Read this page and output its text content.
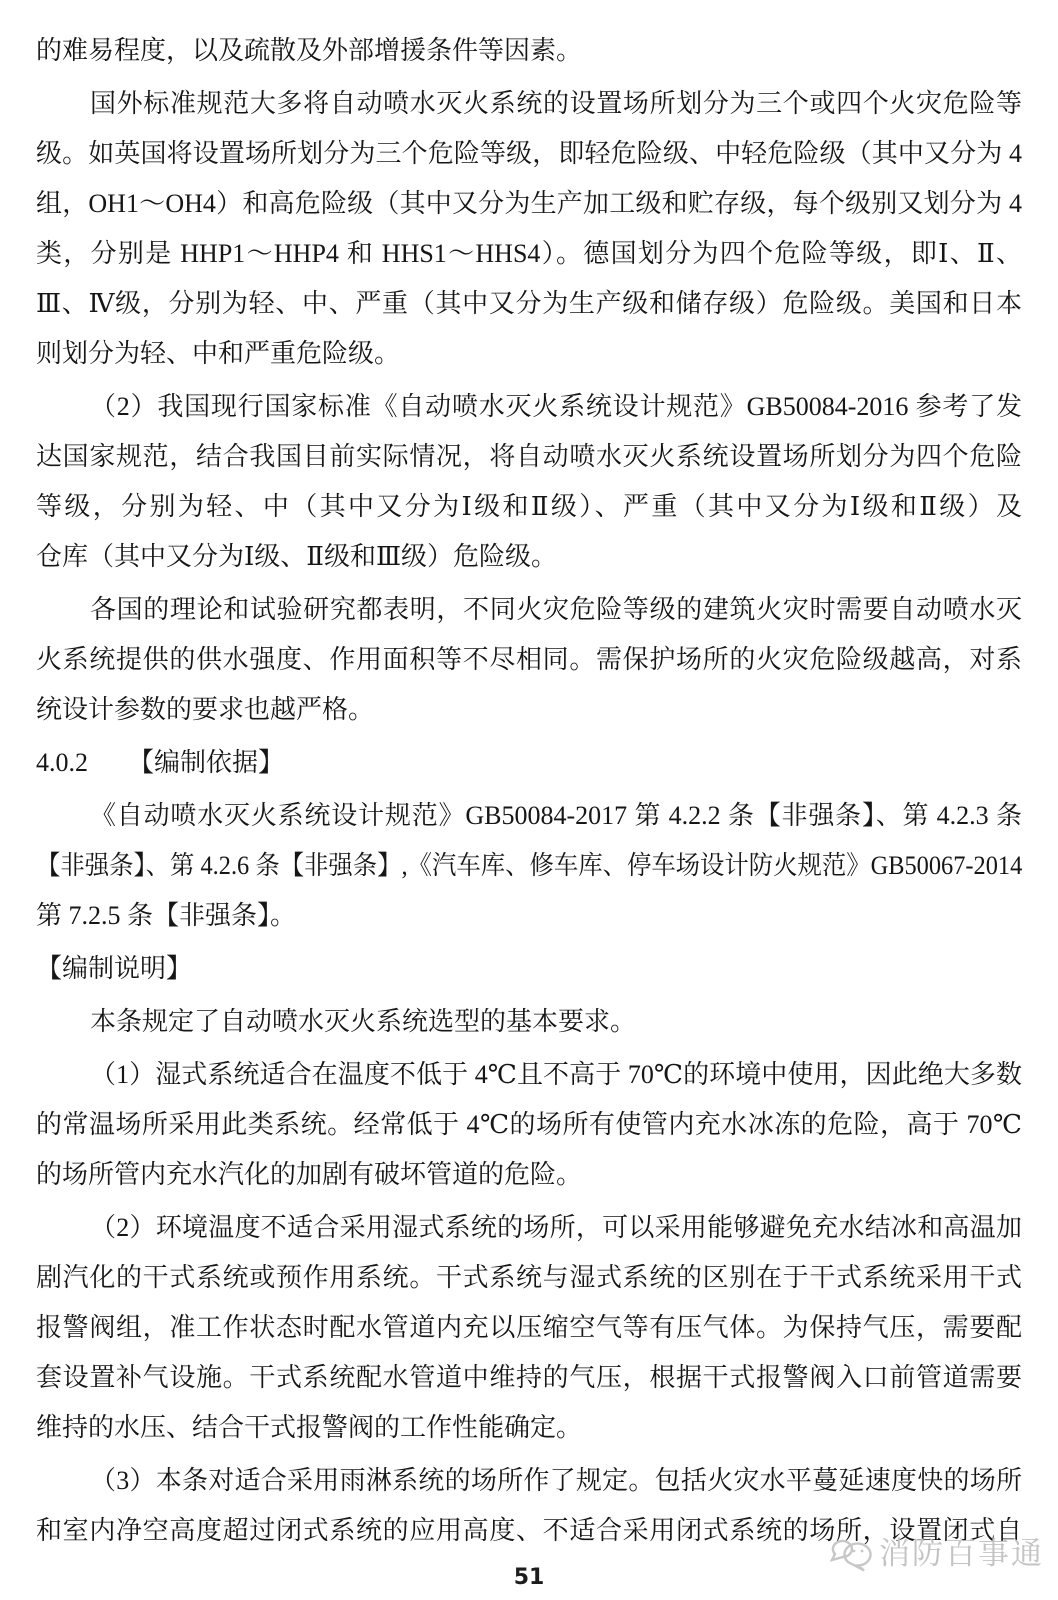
的难易程度，以及疏散及外部增援条件等因素。
国外标准规范大多将自动喷水灭火系统的设置场所划分为三个或四个火灾危险等
级。如英国将设置场所划分为三个危险等级，即轻危险级、中轻危险级（其中又分为 4
组，OH1～OH4）和高危险级（其中又分为生产加工级和贮存级，每个级别又划分为 4
类，分别是 HHP1～HHP4 和 HHS1～HHS4）。德国划分为四个危险等级，即Ⅰ、Ⅱ、
Ⅲ、Ⅳ级，分别为轻、中、严重（其中又分为生产级和储存级）危险级。美国和日本
则划分为轻、中和严重危险级。
（2）我国现行国家标准《自动喷水灭火系统设计规范》GB50084-2016 参考了发
达国家规范，结合我国目前实际情况，将自动喷水灭火系统设置场所划分为四个危险
等级，分别为轻、中（其中又分为Ⅰ级和Ⅱ级）、严重（其中又分为Ⅰ级和Ⅱ级）及
仓库（其中又分为Ⅰ级、Ⅱ级和Ⅲ级）危险级。
各国的理论和试验研究都表明，不同火灾危险等级的建筑火灾时需要自动喷水灭
火系统提供的供水强度、作用面积等不尽相同。需保护场所的火灾危险级越高，对系
统设计参数的要求也越严格。
4.0.2 【编制依据】
《自动喷水灭火系统设计规范》GB50084-2017 第 4.2.2 条【非强条】、第 4.2.3 条
【非强条】、第 4.2.6 条【非强条】,《汽车库、修车库、停车场设计防火规范》GB50067-2014
第 7.2.5 条【非强条】。
【编制说明】
本条规定了自动喷水灭火系统选型的基本要求。
（1）湿式系统适合在温度不低于 4℃且不高于 70℃的环境中使用，因此绝大多数
的常温场所采用此类系统。经常低于 4℃的场所有使管内充水冰冻的危险，高于 70℃
的场所管内充水汽化的加剧有破坏管道的危险。
（2）环境温度不适合采用湿式系统的场所，可以采用能够避免充水结冰和高温加
剧汽化的干式系统或预作用系统。干式系统与湿式系统的区别在于干式系统采用干式
报警阀组，准工作状态时配水管道内充以压缩空气等有压气体。为保持气压，需要配
套设置补气设施。干式系统配水管道中维持的气压，根据干式报警阀入口前管道需要
维持的水压、结合干式报警阀的工作性能确定。
（3）本条对适合采用雨淋系统的场所作了规定。包括火灾水平蔓延速度快的场所
和室内净空高度超过闭式系统的应用高度、不适合采用闭式系统的场所，设置闭式自
消防百事通
51
